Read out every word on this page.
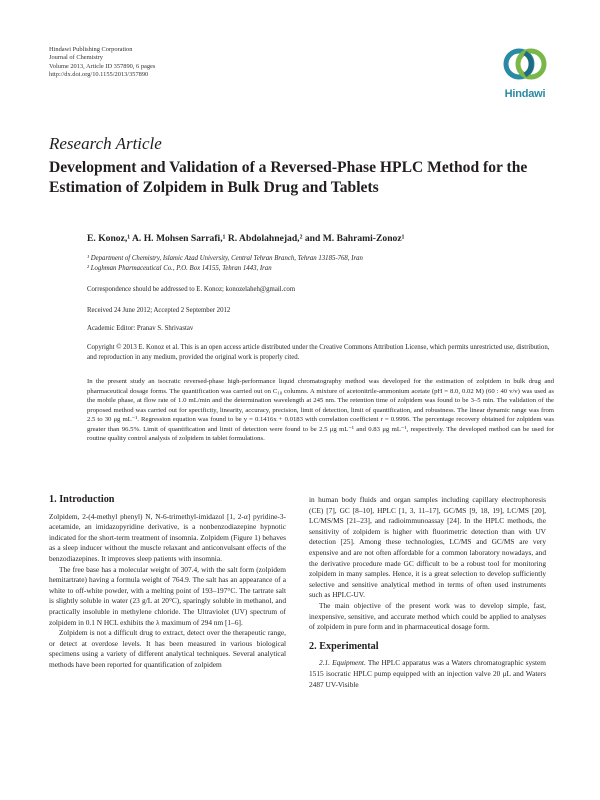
Hindawi Publishing Corporation
Journal of Chemistry
Volume 2013, Article ID 357890, 6 pages
http://dx.doi.org/10.1155/2013/357890
Hindawi
Research Article
Development and Validation of a Reversed-Phase HPLC Method for the Estimation of Zolpidem in Bulk Drug and Tablets
E. Konoz,¹ A. H. Mohsen Sarrafi,¹ R. Abdolahnejad,² and M. Bahrami-Zonoz¹
¹ Department of Chemistry, Islamic Azad University, Central Tehran Branch, Tehran 13185-768, Iran
² Loghman Pharmaceutical Co., P.O. Box 14155, Tehran 1443, Iran
Correspondence should be addressed to E. Konoz; konozelaheh@gmail.com
Received 24 June 2012; Accepted 2 September 2012
Academic Editor: Pranav S. Shrivastav
Copyright © 2013 E. Konoz et al. This is an open access article distributed under the Creative Commons Attribution License, which permits unrestricted use, distribution, and reproduction in any medium, provided the original work is properly cited.
In the present study an isocratic reversed-phase high-performance liquid chromatography method was developed for the estimation of zolpidem in bulk drug and pharmaceutical dosage forms. The quantification was carried out on C₁₈ columns. A mixture of acetonitrile-ammonium acetate (pH = 8.0, 0.02 M) (60 : 40 v/v) was used as the mobile phase, at flow rate of 1.0 mL/min and the determination wavelength at 245 nm. The retention time of zolpidem was found to be 3–5 min. The validation of the proposed method was carried out for specificity, linearity, accuracy, precision, limit of detection, limit of quantification, and robustness. The linear dynamic range was from 2.5 to 30 μg mL⁻¹. Regression equation was found to be y = 0.1416x + 0.0183 with correlation coefficient r = 0.9996. The percentage recovery obtained for zolpidem was greater than 96.5%. Limit of quantification and limit of detection were found to be 2.5 μg mL⁻¹ and 0.83 μg mL⁻¹, respectively. The developed method can be used for routine quality control analysis of zolpidem in tablet formulations.
1. Introduction

Zolpidem, 2-(4-methyl phenyl) N, N-6-trimethyl-imidazol [1, 2-α] pyridine-3-acetamide, an imidazopyridine derivative, is a nonbenzodiazepine hypnotic indicated for the short-term treatment of insomnia. Zolpidem (Figure 1) behaves as a sleep inducer without the muscle relaxant and anticonvulsant effects of the benzodiazepines. It improves sleep patients with insomnia.

The free base has a molecular weight of 307.4, with the salt form (zolpidem hemitartrate) having a formula weight of 764.9. The salt has an appearance of a white to off-white powder, with a melting point of 193–197°C. The tartrate salt is slightly soluble in water (23 g/L at 20°C), sparingly soluble in methanol, and practically insoluble in methylene chloride. The Ultraviolet (UV) spectrum of zolpidem in 0.1 N HCL exhibits the λ maximum of 294 nm [1–6].

Zolpidem is not a difficult drug to extract, detect over the therapeutic range, or detect at overdose levels. It has been measured in various biological specimens using a variety of different analytical techniques. Several analytical methods have been reported for quantification of zolpidem

in human body fluids and organ samples including capillary electrophoresis (CE) [7], GC [8–10], HPLC [1, 3, 11–17], GC/MS [9, 18, 19], LC/MS [20], LC/MS/MS [21–23], and radioimmunoassay [24]. In the HPLC methods, the sensitivity of zolpidem is higher with fluorimetric detection than with UV detection [25]. Among these technologies, LC/MS and GC/MS are very expensive and are not often affordable for a common laboratory nowadays, and the derivative procedure made GC difficult to be a robust tool for monitoring zolpidem in many samples. Hence, it is a great selection to develop sufficiently selective and sensitive analytical method in terms of often used instruments such as HPLC-UV.

The main objective of the present work was to develop simple, fast, inexpensive, sensitive, and accurate method which could be applied to analyses of zolpidem in pure form and in pharmaceutical dosage form.

2. Experimental

2.1. Equipment. The HPLC apparatus was a Waters chromatographic system 1515 isocratic HPLC pump equipped with an injection valve 20 μL and Waters 2487 UV-Visible
